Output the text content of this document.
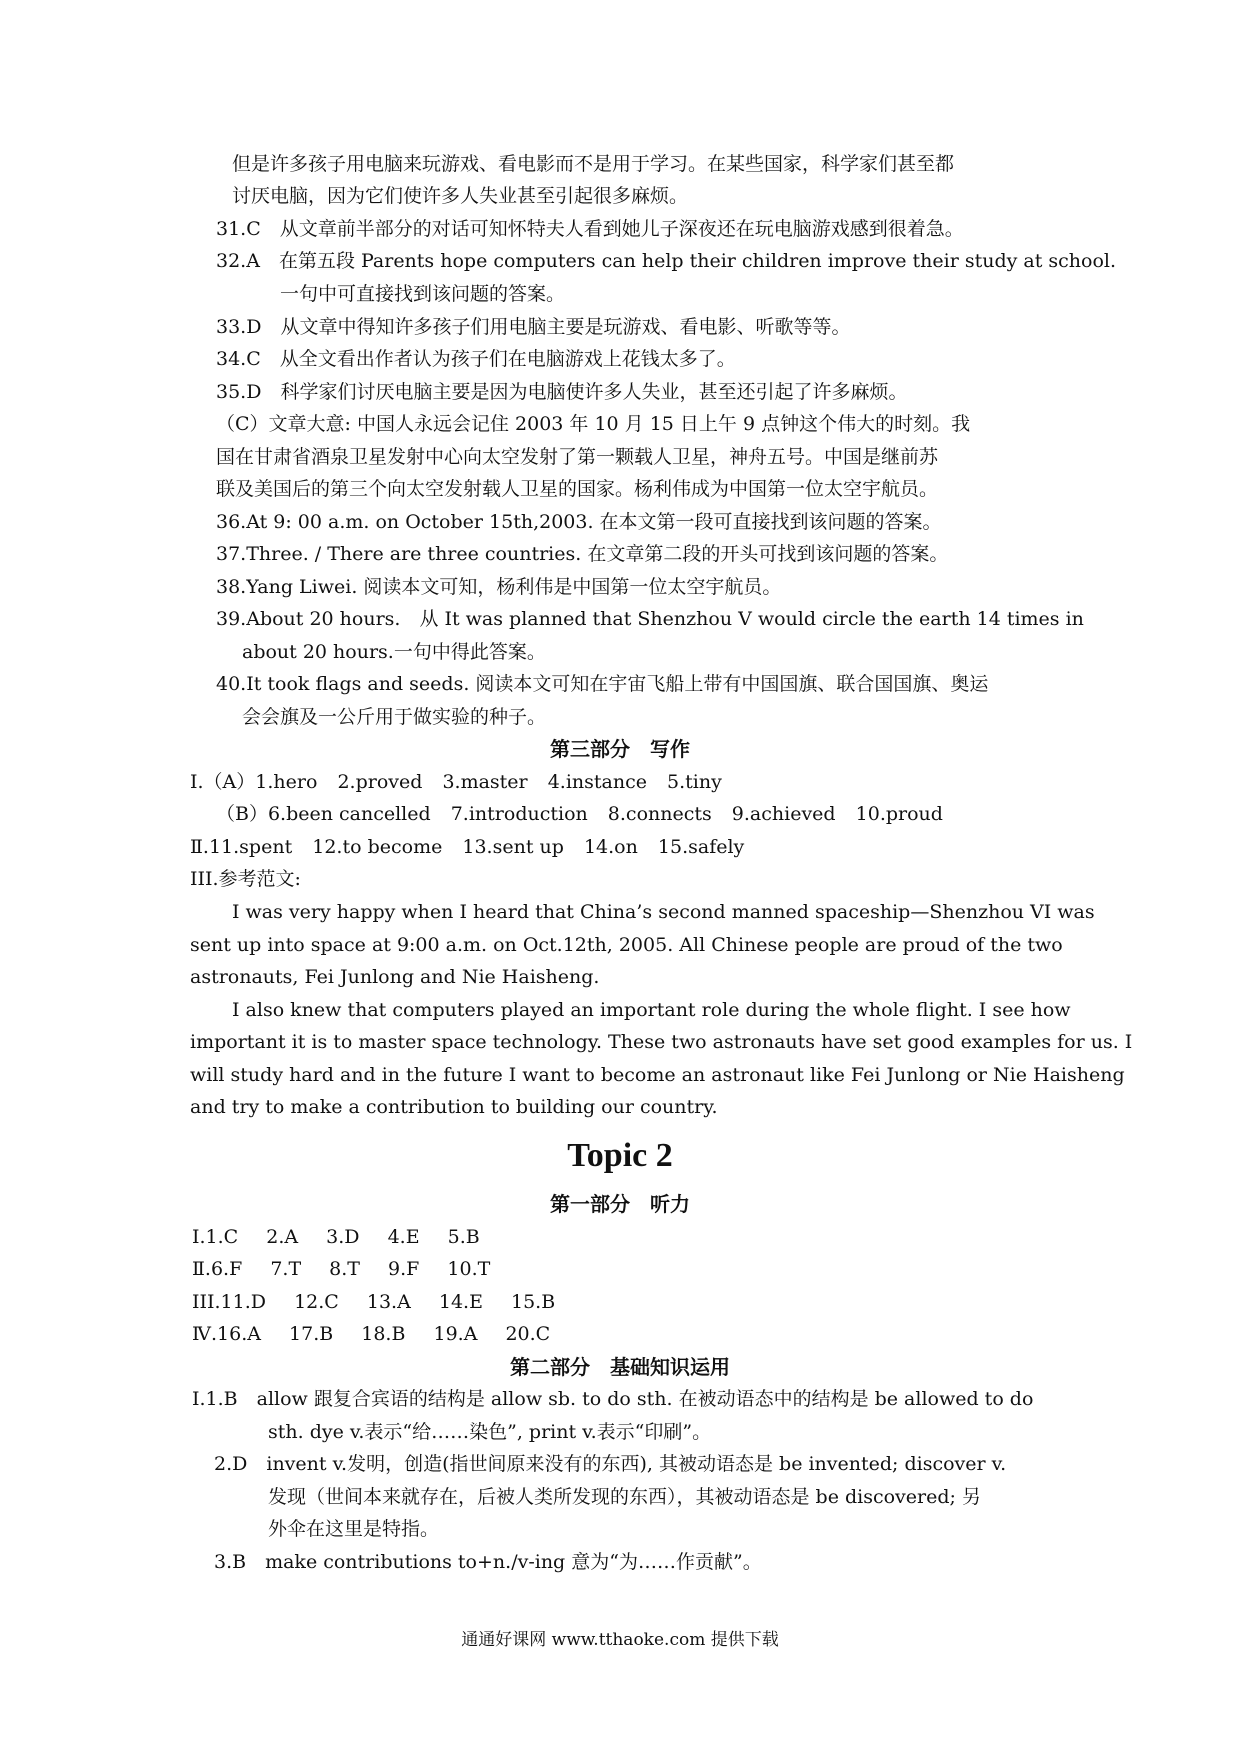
但是许多孩子用电脑来玩游戏、看电影而不是用于学习。在某些国家，科学家们甚至都
讨厌电脑，因为它们使许多人失业甚至引起很多麻烦。
31.C　从文章前半部分的对话可知怀特夫人看到她儿子深夜还在玩电脑游戏感到很着急。
32.A　在第五段 Parents hope computers can help their children improve their study at school.
一句中可直接找到该问题的答案。
33.D　从文章中得知许多孩子们用电脑主要是玩游戏、看电影、听歌等等。
34.C　从全文看出作者认为孩子们在电脑游戏上花钱太多了。
35.D　科学家们讨厌电脑主要是因为电脑使许多人失业，甚至还引起了许多麻烦。
（C）文章大意: 中国人永远会记住 2003 年 10 月 15 日上午 9 点钟这个伟大的时刻。我
国在甘肃省酒泉卫星发射中心向太空发射了第一颗载人卫星，神舟五号。中国是继前苏
联及美国后的第三个向太空发射载人卫星的国家。杨利伟成为中国第一位太空宇航员。
36.At 9: 00 a.m. on October 15th,2003. 在本文第一段可直接找到该问题的答案。
37.Three. / There are three countries. 在文章第二段的开头可找到该问题的答案。
38.Yang Liwei. 阅读本文可知，杨利伟是中国第一位太空宇航员。
39.About 20 hours.　从 It was planned that Shenzhou V would circle the earth 14 times in
about 20 hours.一句中得此答案。
40.It took flags and seeds. 阅读本文可知在宇宙飞船上带有中国国旗、联合国国旗、奥运
会会旗及一公斤用于做实验的种子。
第三部分　写作
Ⅰ.（A）1.hero 2.proved 3.master 4.instance 5.tiny
（B）6.been cancelled 7.introduction 8.connects 9.achieved 10.proud
Ⅱ.11.spent 12.to become 13.sent up 14.on 15.safely
III.参考范文:
I was very happy when I heard that China’s second manned spaceship—Shenzhou VI was
sent up into space at 9:00 a.m. on Oct.12th, 2005. All Chinese people are proud of the two
astronauts, Fei Junlong and Nie Haisheng.
I also knew that computers played an important role during the whole flight. I see how
important it is to master space technology. These two astronauts have set good examples for us. I
will study hard and in the future I want to become an astronaut like Fei Junlong or Nie Haisheng
and try to make a contribution to building our country.
Topic 2
第一部分　听力
Ⅰ.1.C 2.A 3.D 4.E 5.B
Ⅱ.6.F 7.T 8.T 9.F 10.T
III.11.D 12.C 13.A 14.E 15.B
Ⅳ.16.A 17.B 18.B 19.A 20.C
第二部分　基础知识运用
Ⅰ.1.B　allow 跟复合宾语的结构是 allow sb. to do sth. 在被动语态中的结构是 be allowed to do
sth. dye v.表示“给……染色”, print v.表示“印刷”。
2.D　invent v.发明，创造(指世间原来没有的东西), 其被动语态是 be invented; discover v.
发现（世间本来就存在，后被人类所发现的东西），其被动语态是 be discovered; 另
外伞在这里是特指。
3.B　make contributions to+n./v-ing 意为“为……作贡献”。
通通好课网 www.tthaoke.com 提供下载
